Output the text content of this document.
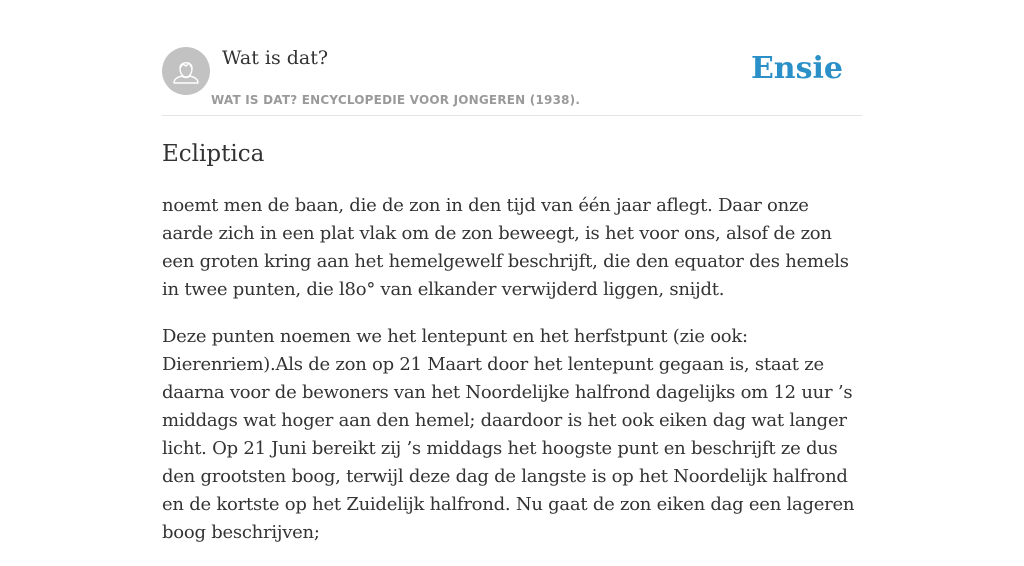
Wat is dat?
WAT IS DAT? ENCYCLOPEDIE VOOR JONGEREN (1938).
Ensie
Ecliptica

noemt men de baan, die de zon in den tijd van één jaar aflegt. Daar onze aarde zich in een plat vlak om de zon beweegt, is het voor ons, alsof de zon een groten kring aan het hemelgewelf beschrijft, die den equator des hemels in twee punten, die l8o° van elkander verwijderd liggen, snijdt.

Deze punten noemen we het lentepunt en het herfstpunt (zie ook: Dierenriem).Als de zon op 21 Maart door het lentepunt gegaan is, staat ze daarna voor de bewoners van het Noordelijke halfrond dagelijks om 12 uur ’s middags wat hoger aan den hemel; daardoor is het ook eiken dag wat langer licht. Op 21 Juni bereikt zij ’s middags het hoogste punt en beschrijft ze dus den grootsten boog, terwijl deze dag de langste is op het Noordelijk halfrond en de kortste op het Zuidelijk halfrond. Nu gaat de zon eiken dag een lageren boog beschrijven;
